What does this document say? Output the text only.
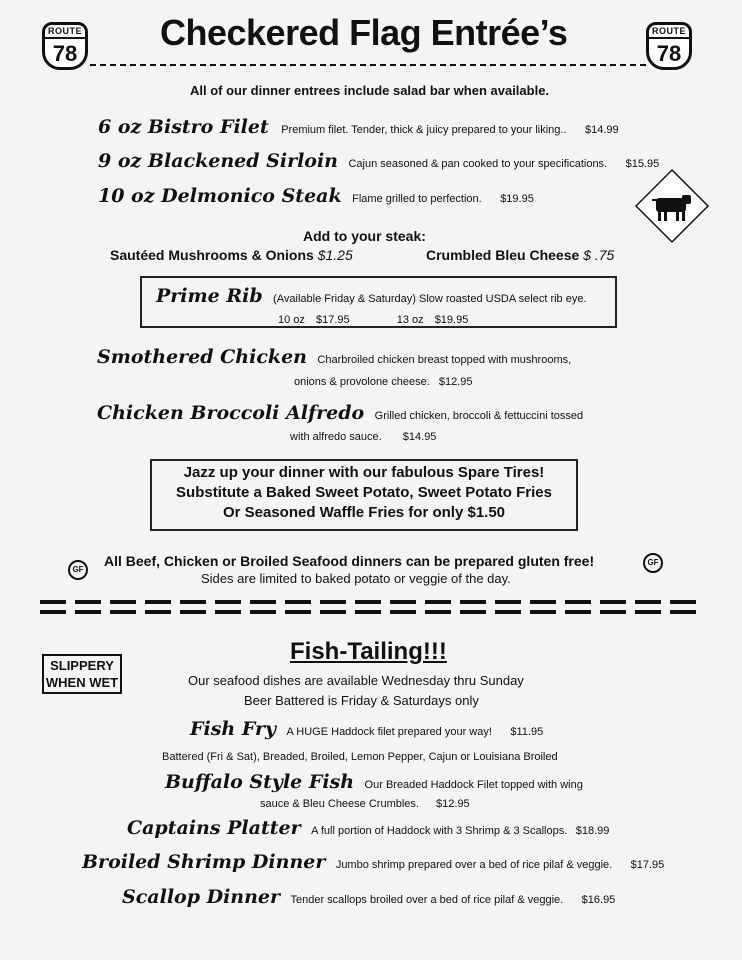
ROUTE
78
ROUTE
78
Checkered Flag Entrée’s
All of our dinner entrees include salad bar when available.
6 oz Bistro Filet Premium filet. Tender, thick & juicy prepared to your liking.. $14.99
9 oz Blackened Sirloin Cajun seasoned & pan cooked to your specifications. $15.95
10 oz Delmonico Steak Flame grilled to perfection. $19.95
Add to your steak:
Sautéed Mushrooms & Onions $1.25	Crumbled Bleu Cheese $ .75
Prime Rib (Available Friday & Saturday) Slow roasted USDA select rib eye.
10 oz $17.95	13 oz $19.95
Smothered Chicken Charbroiled chicken breast topped with mushrooms,
onions & provolone cheese. $12.95
Chicken Broccoli Alfredo Grilled chicken, broccoli & fettuccini tossed
with alfredo sauce. $14.95
Jazz up your dinner with our fabulous Spare Tires!
Substitute a Baked Sweet Potato, Sweet Potato Fries
Or Seasoned Waffle Fries for only $1.50
GF
GF
All Beef, Chicken or Broiled Seafood dinners can be prepared gluten free!
Sides are limited to baked potato or veggie of the day.
Fish-Tailing!!!
SLIPPERY
WHEN WET	Our seafood dishes are available Wednesday thru Sunday
Beer Battered is Friday & Saturdays only
Fish Fry A HUGE Haddock filet prepared your way! $11.95
Battered (Fri & Sat), Breaded, Broiled, Lemon Pepper, Cajun or Louisiana Broiled
Buffalo Style Fish Our Breaded Haddock Filet topped with wing
sauce & Bleu Cheese Crumbles. $12.95
Captains Platter A full portion of Haddock with 3 Shrimp & 3 Scallops. $18.99
Broiled Shrimp Dinner Jumbo shrimp prepared over a bed of rice pilaf & veggie. $17.95
Scallop Dinner Tender scallops broiled over a bed of rice pilaf & veggie. $16.95
